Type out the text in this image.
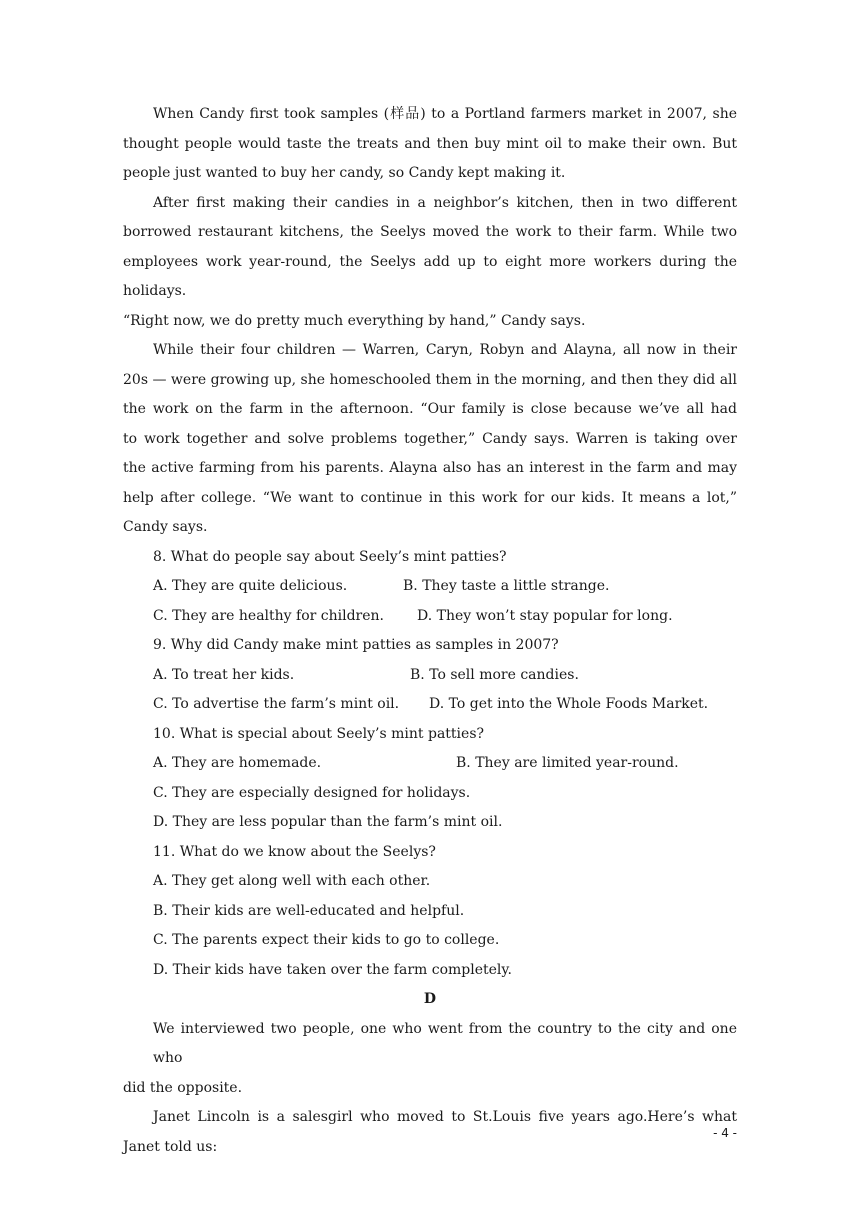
When Candy first took samples (样品) to a Portland farmers market in 2007, she
thought people would taste the treats and then buy mint oil to make their own. But
people just wanted to buy her candy, so Candy kept making it.
After first making their candies in a neighbor’s kitchen, then in two different
borrowed restaurant kitchens, the Seelys moved the work to their farm. While two
employees work year-round, the Seelys add up to eight more workers during the holidays.
“Right now, we do pretty much everything by hand,” Candy says.
While their four children — Warren, Caryn, Robyn and Alayna, all now in their
20s — were growing up, she homeschooled them in the morning, and then they did all
the work on the farm in the afternoon. “Our family is close because we’ve all had
to work together and solve problems together,” Candy says. Warren is taking over
the active farming from his parents. Alayna also has an interest in the farm and may
help after college. “We want to continue in this work for our kids. It means a lot,”
Candy says.
8. What do people say about Seely’s mint patties?
A. They are quite delicious.	B. They taste a little strange.
C. They are healthy for children.	D. They won’t stay popular for long.
9. Why did Candy make mint patties as samples in 2007?
A. To treat her kids.	B. To sell more candies.
C. To advertise the farm’s mint oil.	D. To get into the Whole Foods Market.
10. What is special about Seely’s mint patties?
A. They are homemade.	B. They are limited year-round.
C. They are especially designed for holidays.
D. They are less popular than the farm’s mint oil.
11. What do we know about the Seelys?
A. They get along well with each other.
B. Their kids are well-educated and helpful.
C. The parents expect their kids to go to college.
D. Their kids have taken over the farm completely.
D
We interviewed two people, one who went from the country to the city and one who
did the opposite.
Janet Lincoln is a salesgirl who moved to St.Louis five years ago.Here’s what
Janet told us:
- 4 -
